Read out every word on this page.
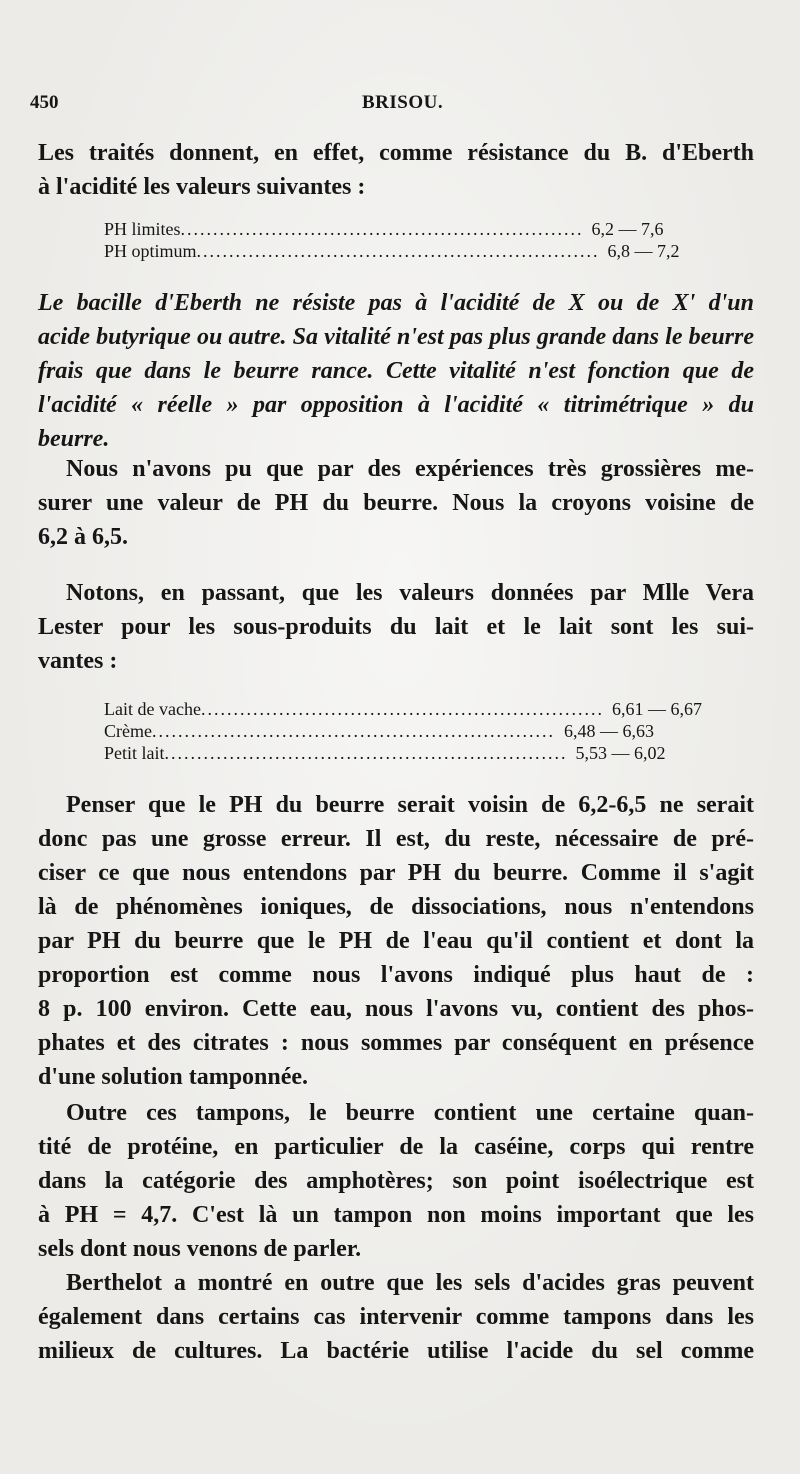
450	BRISOU.
Les traités donnent, en effet, comme résistance du B. d'Eberth
à l'acidité les valeurs suivantes :
PH limites .............................................................. 6,2 — 7,6
PH optimum .............................................................. 6,8 — 7,2
Le bacille d'Eberth ne résiste pas à l'acidité de X ou de X' d'un
acide butyrique ou autre. Sa vitalité n'est pas plus grande dans le beurre
frais que dans le beurre rance. Cette vitalité n'est fonction que de
l'acidité « réelle » par opposition à l'acidité « titrimétrique » du
beurre.
Nous n'avons pu que par des expériences très grossières me-
surer une valeur de PH du beurre. Nous la croyons voisine de
6,2 à 6,5.
Notons, en passant, que les valeurs données par Mlle Vera
Lester pour les sous-produits du lait et le lait sont les sui-
vantes :
Lait de vache .............................................................. 6,61 — 6,67
Crème .............................................................. 6,48 — 6,63
Petit lait .............................................................. 5,53 — 6,02
Penser que le PH du beurre serait voisin de 6,2-6,5 ne serait
donc pas une grosse erreur. Il est, du reste, nécessaire de pré-
ciser ce que nous entendons par PH du beurre. Comme il s'agit
là de phénomènes ioniques, de dissociations, nous n'entendons
par PH du beurre que le PH de l'eau qu'il contient et dont la
proportion est comme nous l'avons indiqué plus haut de :
8 p. 100 environ. Cette eau, nous l'avons vu, contient des phos-
phates et des citrates : nous sommes par conséquent en présence
d'une solution tamponnée.
Outre ces tampons, le beurre contient une certaine quan-
tité de protéine, en particulier de la caséine, corps qui rentre
dans la catégorie des amphotères; son point isoélectrique est
à PH = 4,7. C'est là un tampon non moins important que les
sels dont nous venons de parler.
Berthelot a montré en outre que les sels d'acides gras peuvent
également dans certains cas intervenir comme tampons dans les
milieux de cultures. La bactérie utilise l'acide du sel comme
